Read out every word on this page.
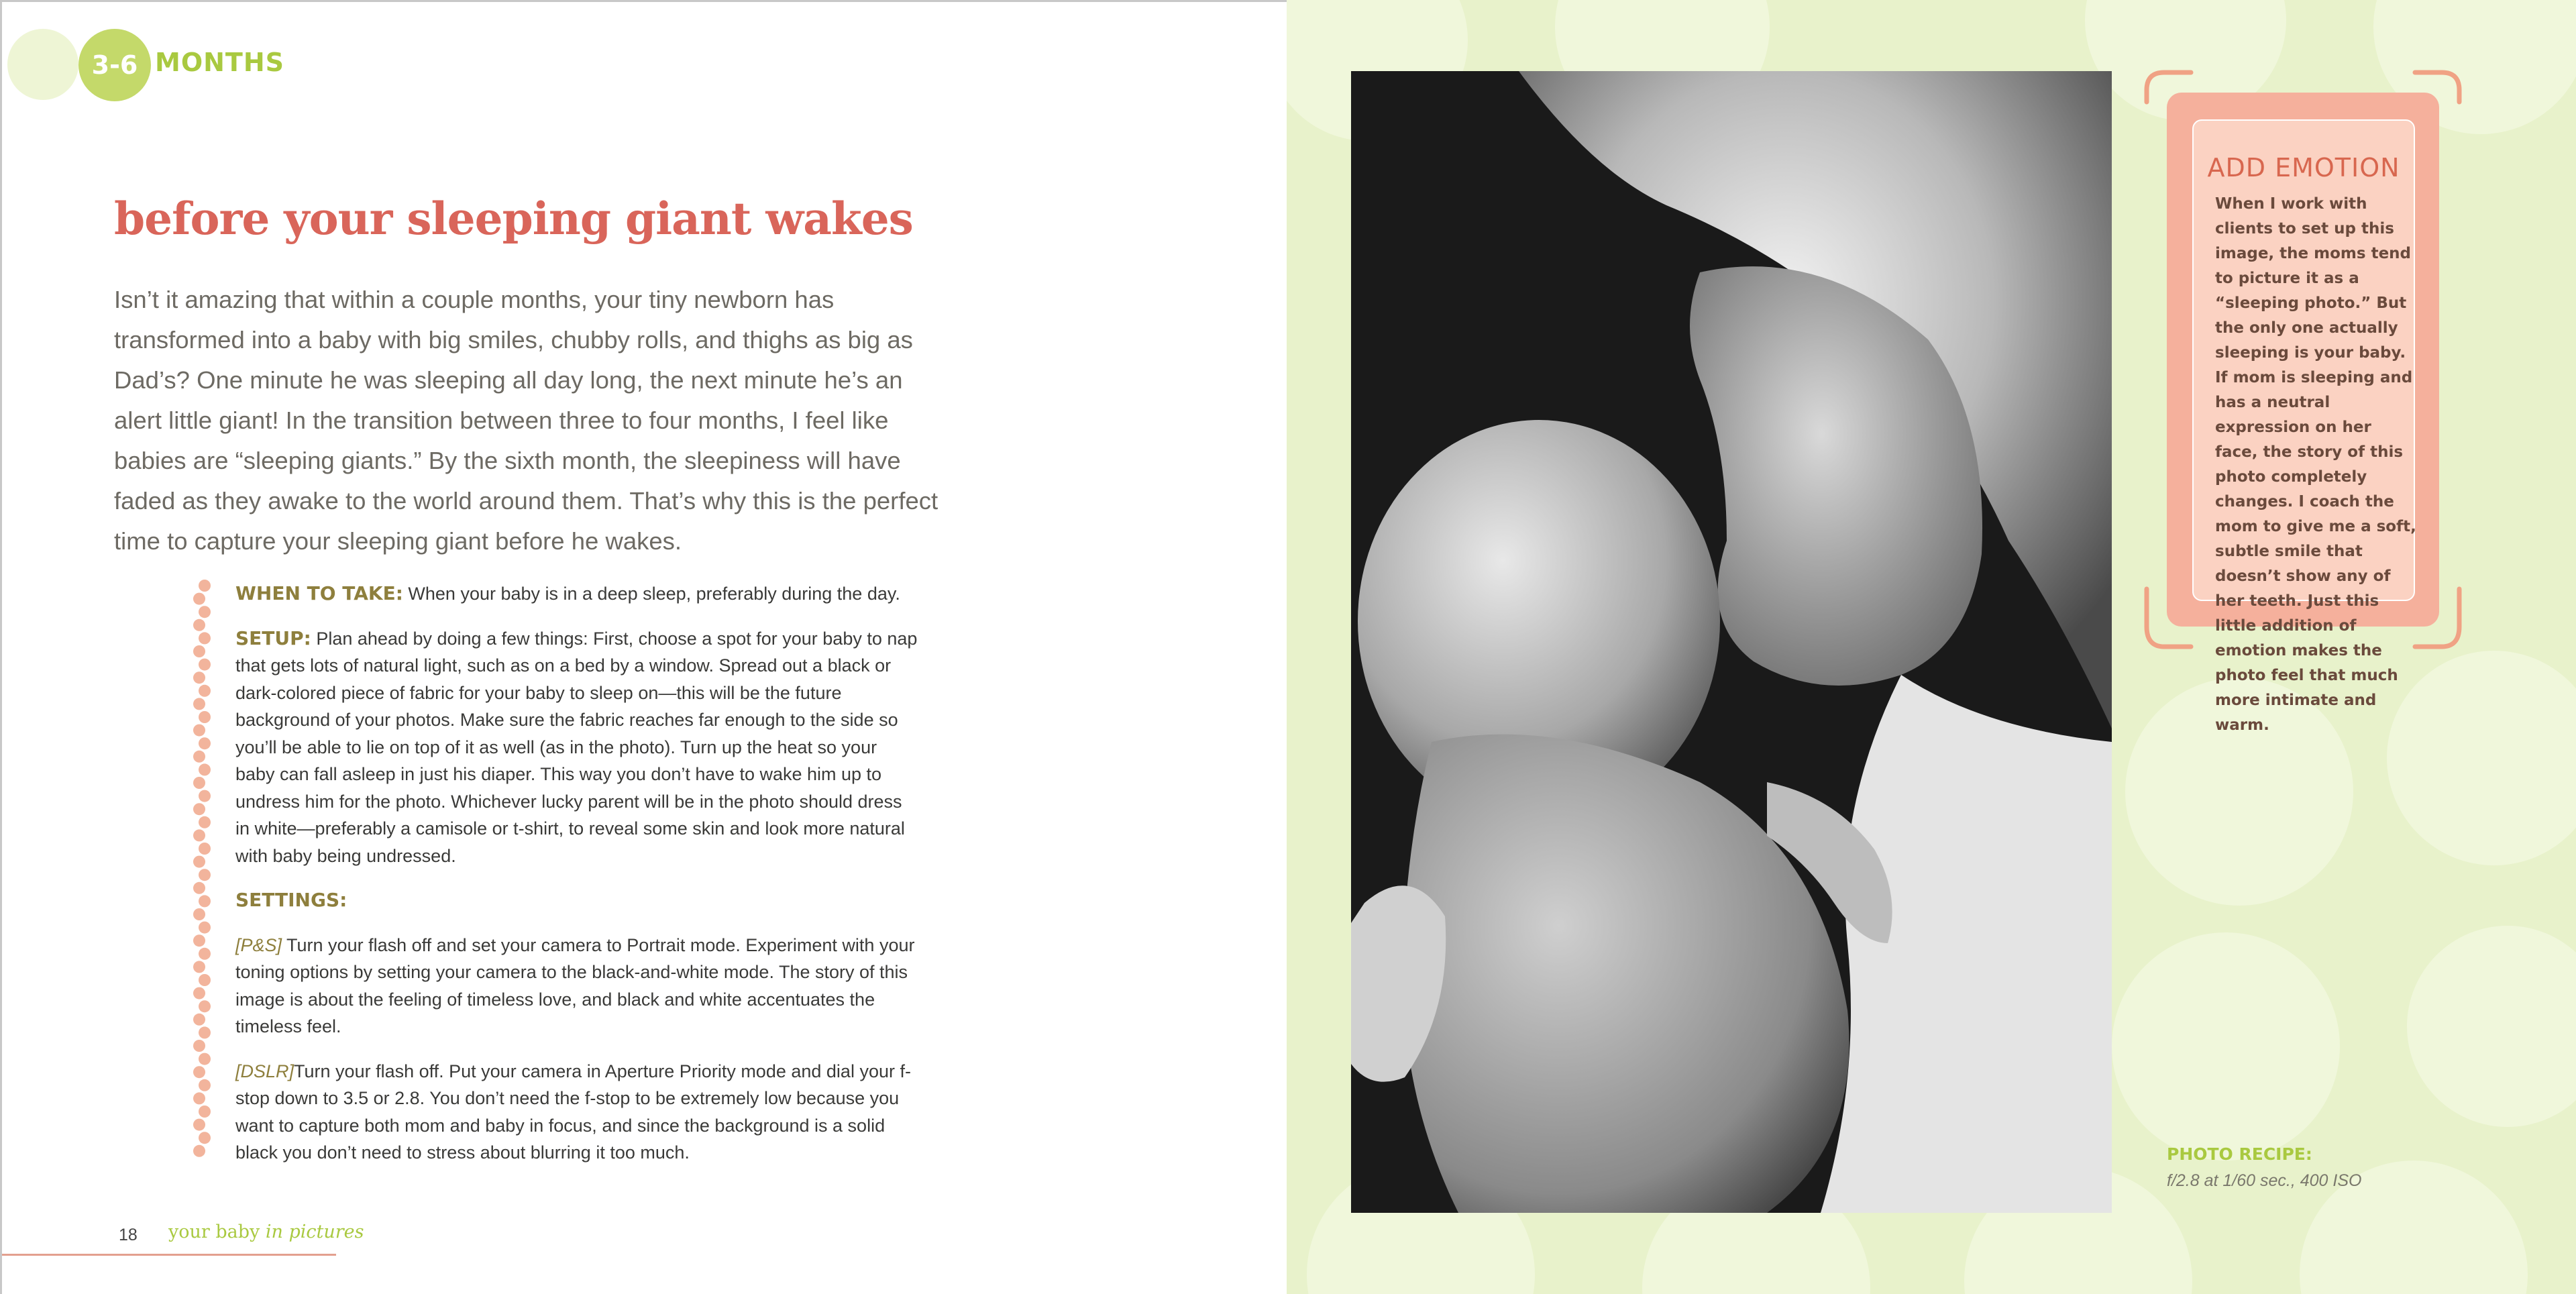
3-6 MONTHS
before your sleeping giant wakes

Isn’t it amazing that within a couple months, your tiny newborn has transformed into a baby with big smiles, chubby rolls, and thighs as big as Dad’s? One minute he was sleeping all day long, the next minute he’s an alert little giant! In the transition between three to four months, I feel like babies are “sleeping giants.” By the sixth month, the sleepiness will have faded as they awake to the world around them. That’s why this is the perfect time to capture your sleeping giant before he wakes.

WHEN TO TAKE: When your baby is in a deep sleep, preferably during the day.

SETUP: Plan ahead by doing a few things: First, choose a spot for your baby to nap that gets lots of natural light, such as on a bed by a window. Spread out a black or dark-colored piece of fabric for your baby to sleep on—this will be the future background of your photos. Make sure the fabric reaches far enough to the side so you’ll be able to lie on top of it as well (as in the photo). Turn up the heat so your baby can fall asleep in just his diaper. This way you don’t have to wake him up to undress him for the photo. Whichever lucky parent will be in the photo should dress in white—preferably a camisole or t-shirt, to reveal some skin and look more natural with baby being undressed.

SETTINGS:

[P&S] Turn your flash off and set your camera to Portrait mode. Experiment with your toning options by setting your camera to the black-and-white mode. The story of this image is about the feeling of timeless love, and black and white accentuates the timeless feel.

[DSLR]Turn your flash off. Put your camera in Aperture Priority mode and dial your f-stop down to 3.5 or 2.8. You don’t need the f-stop to be extremely low because you want to capture both mom and baby in focus, and since the background is a solid black you don’t need to stress about blurring it too much.

18 your baby in pictures
ADD EMOTION
When I work with clients to set up this image, the moms tend to picture it as a “sleeping photo.” But the only one actually sleeping is your baby. If mom is sleeping and has a neutral expression on her face, the story of this photo completely changes. I coach the mom to give me a soft, subtle smile that doesn’t show any of her teeth. Just this little addition of emotion makes the photo feel that much more intimate and warm.
PHOTO RECIPE:
f/2.8 at 1/60 sec., 400 ISO
